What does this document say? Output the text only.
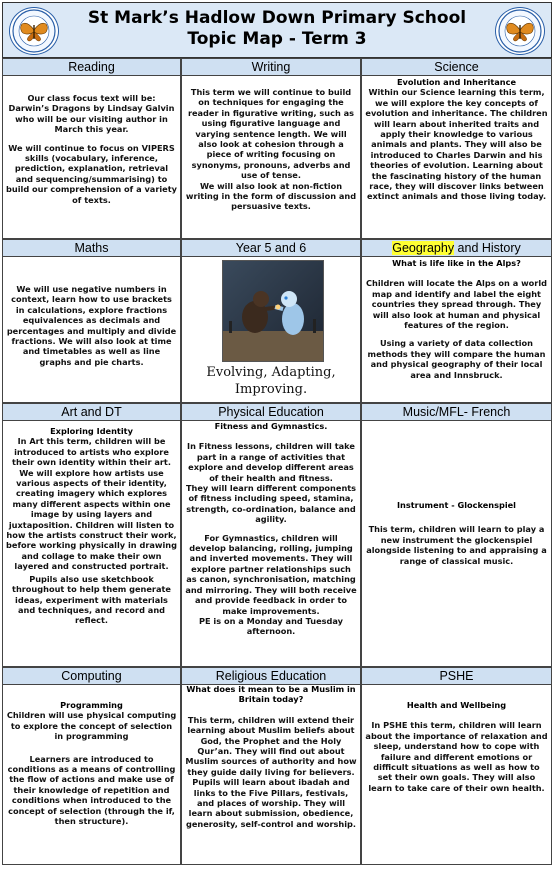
St Mark’s Hadlow Down Primary School
Topic Map - Term 3
Reading

Our class focus text will be: Darwin’s Dragons by Lindsay Galvin who will be our visiting author in March this year.

We will continue to focus on VIPERS skills (vocabulary, inference, prediction, explanation, retrieval and sequencing/summarising) to build our comprehension of a variety of texts.

Writing

This term we will continue to build on techniques for engaging the reader in figurative writing, such as using figurative language and varying sentence length. We will also look at cohesion through a piece of writing focusing on synonyms, pronouns, adverbs and use of tense.

We will also look at non-fiction writing in the form of discussion and persuasive texts.

Science
Evolution and Inheritance

Within our Science learning this term, we will explore the key concepts of evolution and inheritance. The children will learn about inherited traits and apply their knowledge to various animals and plants. They will also be introduced to Charles Darwin and his theories of evolution. Learning about the fascinating history of the human race, they will discover links between extinct animals and those living today.

Maths

We will use negative numbers in context, learn how to use brackets in calculations, explore fractions equivalences as decimals and percentages and multiply and divide fractions. We will also look at time and timetables as well as line graphs and pie charts.

Year 5 and 6
Evolving, Adapting,
Improving.
Geography and History

What is life like in the Alps?

Children will locate the Alps on a world map and identify and label the eight countries they spread through. They will also look at human and physical features of the region.

Using a variety of data collection methods they will compare the human and physical geography of their local area and Innsbruck.

Art and DT
Exploring Identity

In Art this term, children will be introduced to artists who explore their own identity within their art. We will explore how artists use various aspects of their identity, creating imagery which explores many different aspects within one image by using layers and juxtaposition. Children will listen to how the artists construct their work, before working physically in drawing and collage to make their own layered and constructed portrait.

Pupils also use sketchbook throughout to help them generate ideas, experiment with materials and techniques, and record and reflect.

Physical Education

Fitness and Gymnastics.

In Fitness lessons, children will take part in a range of activities that explore and develop different areas of their health and fitness.

They will learn different components of fitness including speed, stamina, strength, co-ordination, balance and agility.

For Gymnastics, children will develop balancing, rolling, jumping and inverted movements. They will explore partner relationships such as canon, synchronisation, matching and mirroring. They will both receive and provide feedback in order to make improvements.

PE is on a Monday and Tuesday afternoon.

Music/MFL- French

Instrument - Glockenspiel

This term, children will learn to play a new instrument the glockenspiel alongside listening to and appraising a range of classical music.

Computing
Programming

Children will use physical computing to explore the concept of selection in programming

Learners are introduced to conditions as a means of controlling the flow of actions and make use of their knowledge of repetition and conditions when introduced to the concept of selection (through the if, then structure).

Religious Education

What does it mean to be a Muslim in Britain today?

This term, children will extend their learning about Muslim beliefs about God, the Prophet and the Holy Qur’an. They will find out about Muslim sources of authority and how they guide daily living for believers. Pupils will learn about ibadah and links to the Five Pillars, festivals, and places of worship. They will learn about submission, obedience, generosity, self-control and worship.

PSHE

Health and Wellbeing

In PSHE this term, children will learn about the importance of relaxation and sleep, understand how to cope with failure and different emotions or difficult situations as well as how to set their own goals. They will also learn to take care of their own health.
